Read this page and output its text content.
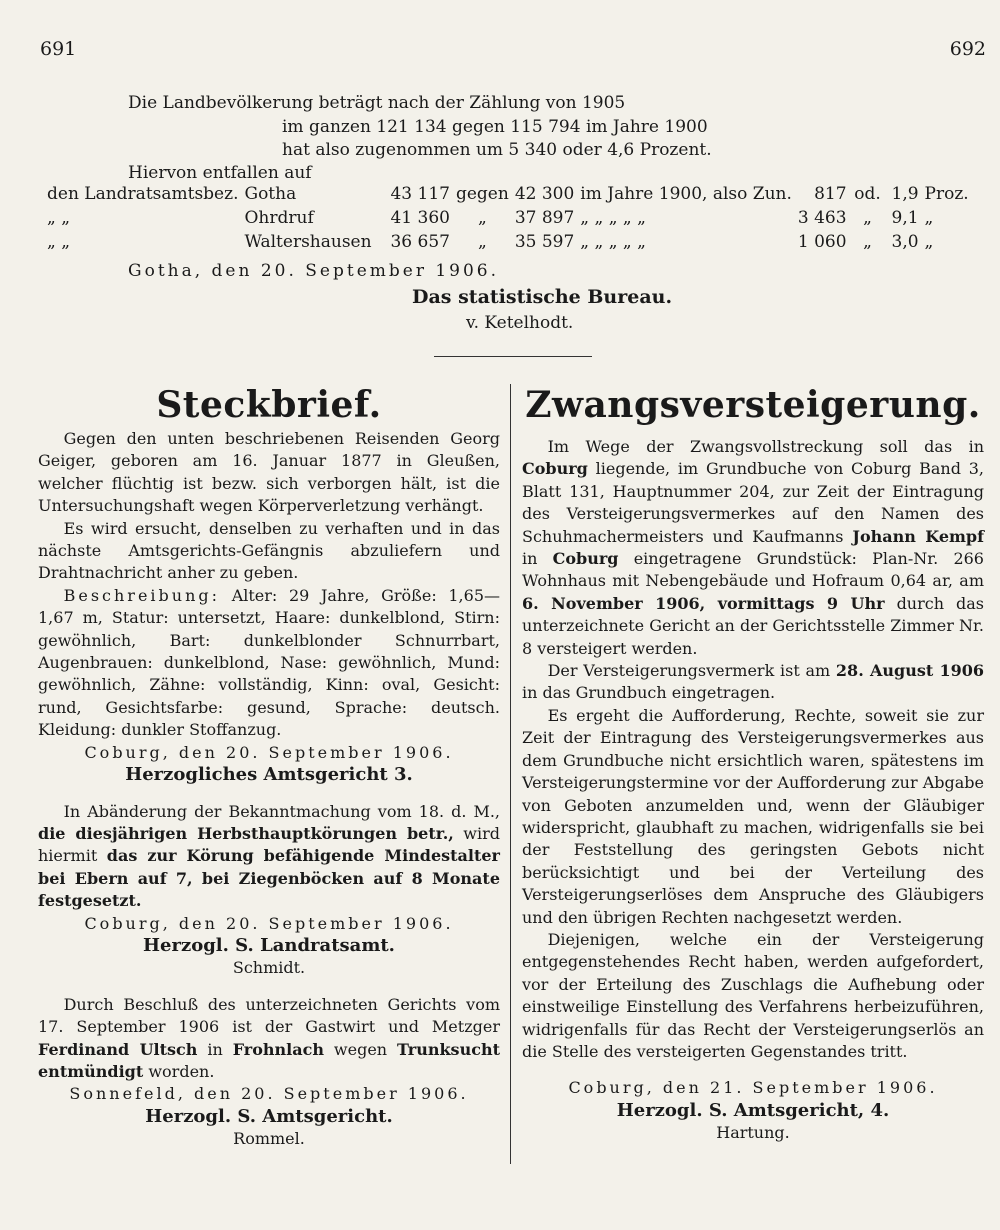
691	692
Die Landbevölkerung beträgt nach der Zählung von 1905
im ganzen 121 134 gegen 115 794 im Jahre 1900
hat also zugenommen um 5 340 oder 4,6 Prozent.
Hiervon entfallen auf
den Landratsamtsbez.	Gotha	43 117	gegen	42 300	im Jahre 1900, also Zun.	817	od.	1,9	Proz.
„ „	Ohrdruf	41 360	„	37 897	„ „ „ „ „	3 463	„	9,1	„
„ „	Waltershausen	36 657	„	35 597	„ „ „ „ „	1 060	„	3,0	„
Gotha, den 20. September 1906.
Das statistische Bureau.
v. Ketelhodt.
Steckbrief.

Gegen den unten beschriebenen Reisenden Georg Geiger, geboren am 16. Januar 1877 in Gleußen, welcher flüchtig ist bezw. sich verborgen hält, ist die Untersuchungshaft wegen Körperverletzung verhängt.

Es wird ersucht, denselben zu verhaften und in das nächste Amtsgerichts-Gefängnis abzuliefern und Drahtnachricht anher zu geben.

Beschreibung: Alter: 29 Jahre, Größe: 1,65—1,67 m, Statur: untersetzt, Haare: dunkelblond, Stirn: gewöhnlich, Bart: dunkelblonder Schnurrbart, Augenbrauen: dunkelblond, Nase: gewöhnlich, Mund: gewöhnlich, Zähne: vollständig, Kinn: oval, Gesicht: rund, Gesichtsfarbe: gesund, Sprache: deutsch. Kleidung: dunkler Stoffanzug.

Coburg, den 20. September 1906.

Herzogliches Amtsgericht 3.

In Abänderung der Bekanntmachung vom 18. d. M., die diesjährigen Herbsthauptkörungen betr., wird hiermit das zur Körung befähigende Mindestalter bei Ebern auf 7, bei Ziegenböcken auf 8 Monate festgesetzt.

Coburg, den 20. September 1906.

Herzogl. S. Landratsamt.

Schmidt.

Durch Beschluß des unterzeichneten Gerichts vom 17. September 1906 ist der Gastwirt und Metzger Ferdinand Ultsch in Frohnlach wegen Trunksucht entmündigt worden.

Sonnefeld, den 20. September 1906.

Herzogl. S. Amtsgericht.

Rommel.

Zwangsversteigerung.

Im Wege der Zwangsvollstreckung soll das in Coburg liegende, im Grundbuche von Coburg Band 3, Blatt 131, Hauptnummer 204, zur Zeit der Eintragung des Versteigerungsvermerkes auf den Namen des Schuhmachermeisters und Kaufmanns Johann Kempf in Coburg eingetragene Grundstück: Plan-Nr. 266 Wohnhaus mit Nebengebäude und Hofraum 0,64 ar, am 6. November 1906, vormittags 9 Uhr durch das unterzeichnete Gericht an der Gerichtsstelle Zimmer Nr. 8 versteigert werden.

Der Versteigerungsvermerk ist am 28. August 1906 in das Grundbuch eingetragen.

Es ergeht die Aufforderung, Rechte, soweit sie zur Zeit der Eintragung des Versteigerungsvermerkes aus dem Grundbuche nicht ersichtlich waren, spätestens im Versteigerungstermine vor der Aufforderung zur Abgabe von Geboten anzumelden und, wenn der Gläubiger widerspricht, glaubhaft zu machen, widrigenfalls sie bei der Feststellung des geringsten Gebots nicht berücksichtigt und bei der Verteilung des Versteigerungserlöses dem Anspruche des Gläubigers und den übrigen Rechten nachgesetzt werden.

Diejenigen, welche ein der Versteigerung entgegenstehendes Recht haben, werden aufgefordert, vor der Erteilung des Zuschlags die Aufhebung oder einstweilige Einstellung des Verfahrens herbeizuführen, widrigenfalls für das Recht der Versteigerungserlös an die Stelle des versteigerten Gegenstandes tritt.

Coburg, den 21. September 1906.

Herzogl. S. Amtsgericht, 4.

Hartung.
